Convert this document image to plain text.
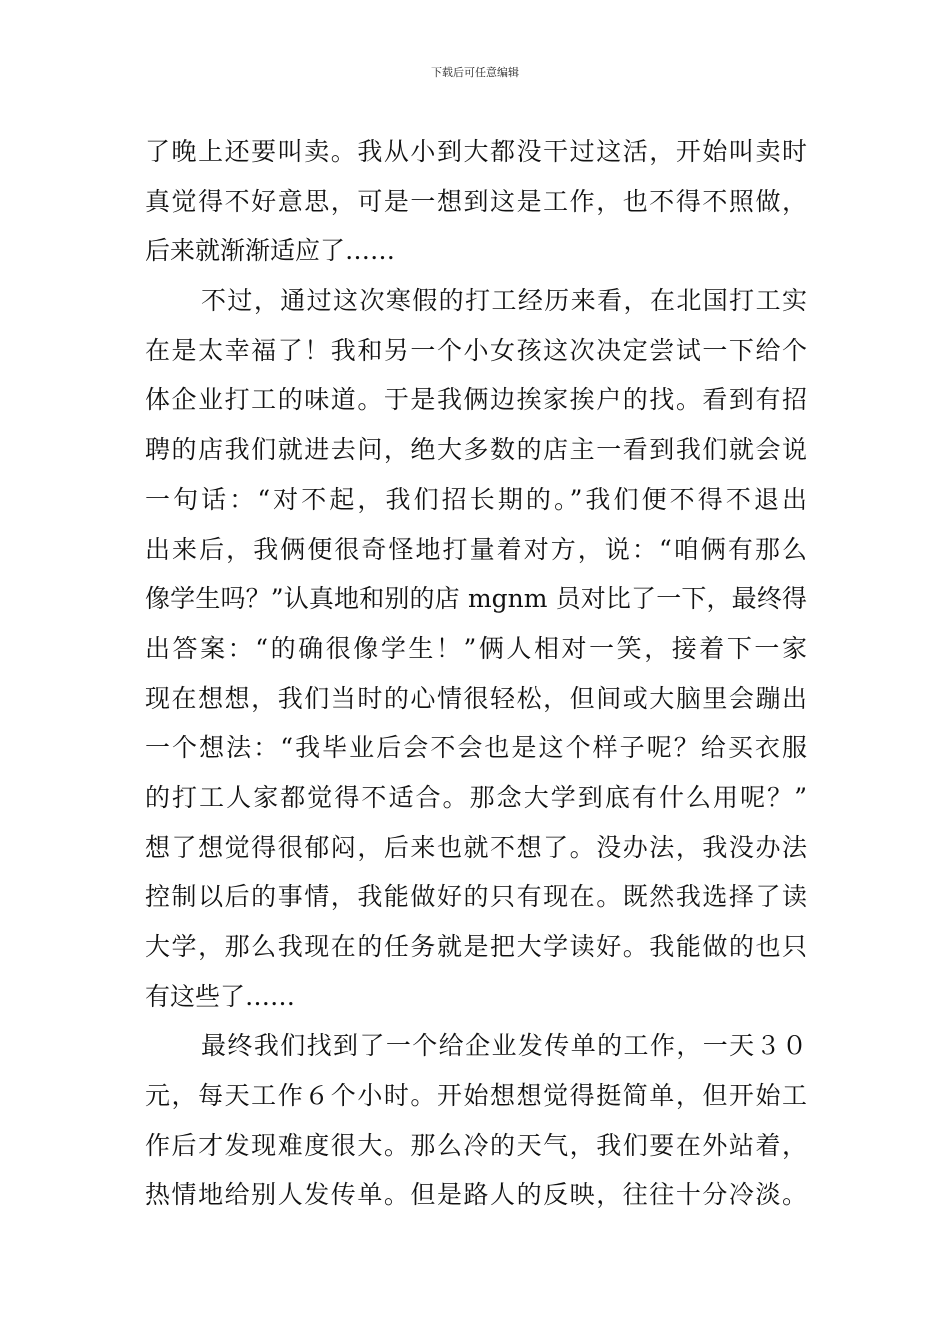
下载后可任意编辑
了晚上还要叫卖。我从小到大都没干过这活，开始叫卖时
真觉得不好意思，可是一想到这是工作，也不得不照做，
后来就渐渐适应了……
不过，通过这次寒假的打工经历来看，在北国打工实
在是太幸福了！我和另一个小女孩这次决定尝试一下给个
体企业打工的味道。于是我俩边挨家挨户的找。看到有招
聘的店我们就进去问，绝大多数的店主一看到我们就会说
一句话：“对不起，我们招长期的。”我们便不得不退出
出来后，我俩便很奇怪地打量着对方，说：“咱俩有那么
像学生吗？”认真地和别的店 mgnm 员对比了一下，最终得
出答案：“的确很像学生！”俩人相对一笑，接着下一家
现在想想，我们当时的心情很轻松，但间或大脑里会蹦出
一个想法：“我毕业后会不会也是这个样子呢？给买衣服
的打工人家都觉得不适合。那念大学到底有什么用呢？”
想了想觉得很郁闷，后来也就不想了。没办法，我没办法
控制以后的事情，我能做好的只有现在。既然我选择了读
大学，那么我现在的任务就是把大学读好。我能做的也只
有这些了……
最终我们找到了一个给企业发传单的工作，一天３０
元，每天工作６个小时。开始想想觉得挺简单，但开始工
作后才发现难度很大。那么冷的天气，我们要在外站着，
热情地给别人发传单。但是路人的反映，往往十分冷淡。
